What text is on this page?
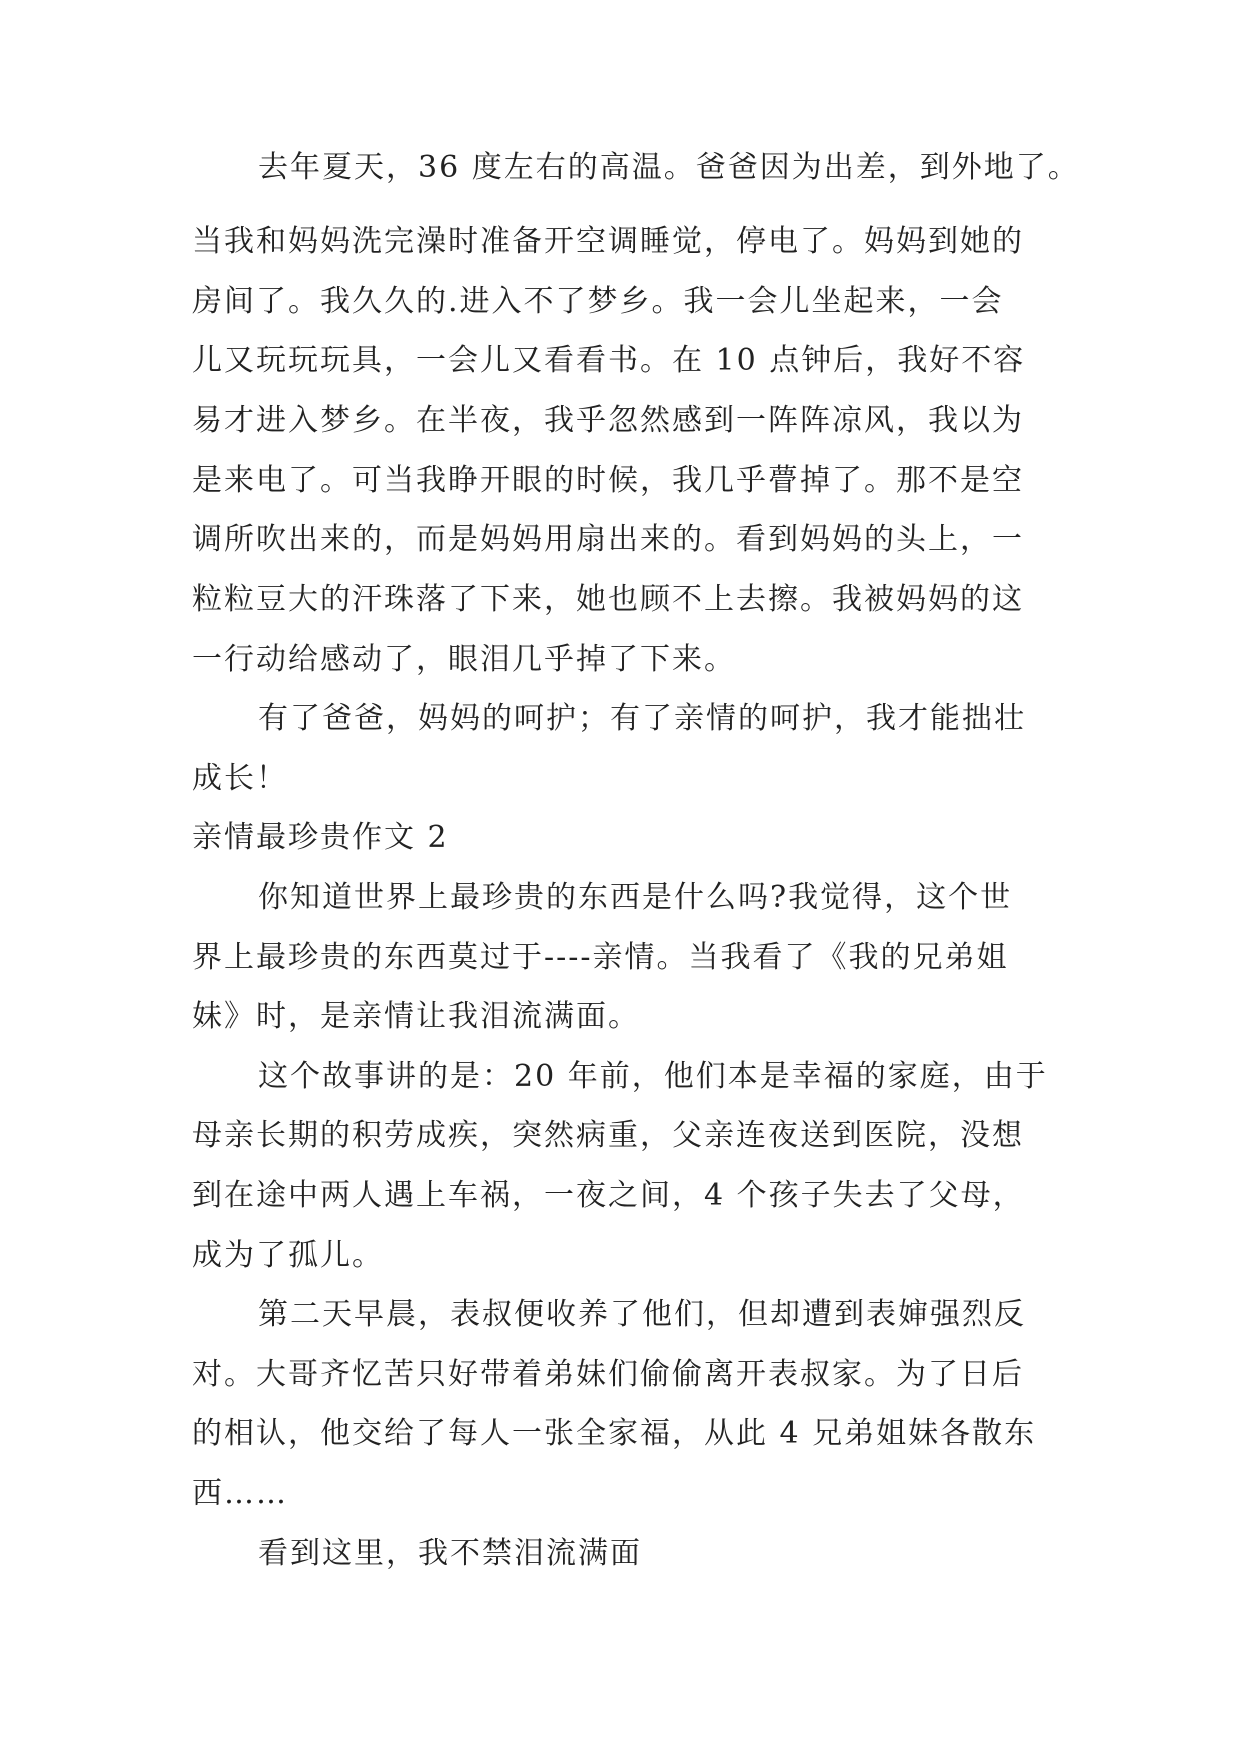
去年夏天，36 度左右的高温。爸爸因为出差，到外地了。
当我和妈妈洗完澡时准备开空调睡觉，停电了。妈妈到她的
房间了。我久久的.进入不了梦乡。我一会儿坐起来，一会
儿又玩玩玩具，一会儿又看看书。在 10 点钟后，我好不容
易才进入梦乡。在半夜，我乎忽然感到一阵阵凉风，我以为
是来电了。可当我睁开眼的时候，我几乎瞢掉了。那不是空
调所吹出来的，而是妈妈用扇出来的。看到妈妈的头上，一
粒粒豆大的汗珠落了下来，她也顾不上去擦。我被妈妈的这
一行动给感动了，眼泪几乎掉了下来。
有了爸爸，妈妈的呵护；有了亲情的呵护，我才能拙壮
成长！
亲情最珍贵作文 2
你知道世界上最珍贵的东西是什么吗?我觉得，这个世
界上最珍贵的东西莫过于----亲情。当我看了《我的兄弟姐
妹》时，是亲情让我泪流满面。
这个故事讲的是：20 年前，他们本是幸福的家庭，由于
母亲长期的积劳成疾，突然病重，父亲连夜送到医院，没想
到在途中两人遇上车祸，一夜之间，4 个孩子失去了父母，
成为了孤儿。
第二天早晨，表叔便收养了他们，但却遭到表婶强烈反
对。大哥齐忆苦只好带着弟妹们偷偷离开表叔家。为了日后
的相认，他交给了每人一张全家福，从此 4 兄弟姐妹各散东
西……
看到这里，我不禁泪流满面
